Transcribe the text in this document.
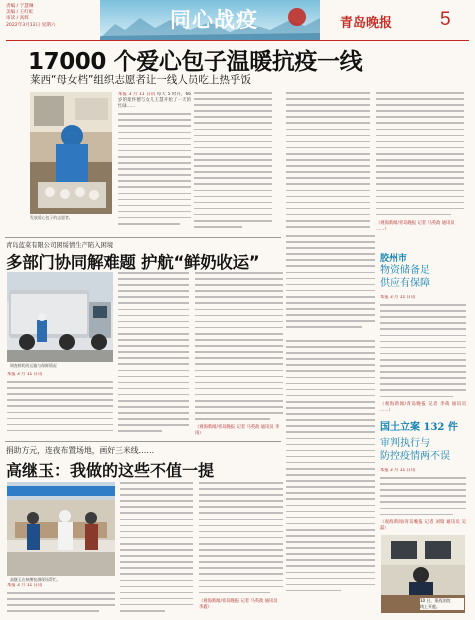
责编 / 于慧琳
美编 / 王红虹
审读 / 高辉
2022年3月12日 星期六	同心战疫	青岛晚报	5
17000 个爱心包子温暖抗疫一线
莱西“母女档”组织志愿者让一线人员吃上热乎饭
发放爱心包子的志愿者。
本报 3 月 11 日讯 每天 5 时许，66 岁的栾怀德与女儿王慧开始了一天的忙碌……
（观海新闻/青岛晚报 记者 马英政 通讯员 ……）
青岛蓝菜有限公司困绥情生产陷入困境
多部门协同解难题 护航“鲜奶收运”
调查鲜奶的运输与保鲜情况
本报 3 月 11 日讯
（观海新闻/青岛晚报 记者 马英政 通讯员 李雨）
捐助方元，连夜布置场地，画好三米线……
高继玉：我做的这些不值一提
高继玉在核酸检测现场帮忙。
本报 3 月 11 日讯
（观海新闻/青岛晚报 记者 马英政 通讯员 李鑫）
胶州市
物资储备足
供应有保障
本报 3 月 11 日讯
（观海新闻/青岛晚报 记者 李萌 通讯员 ……）
国土立案 132 件
审判执行与
防控疫情两不误
本报 3 月 11 日讯
（观海新闻/青岛晚报 记者 刘瑞 通讯员 吴磊）
10 日，莱西法院
线上开庭。
